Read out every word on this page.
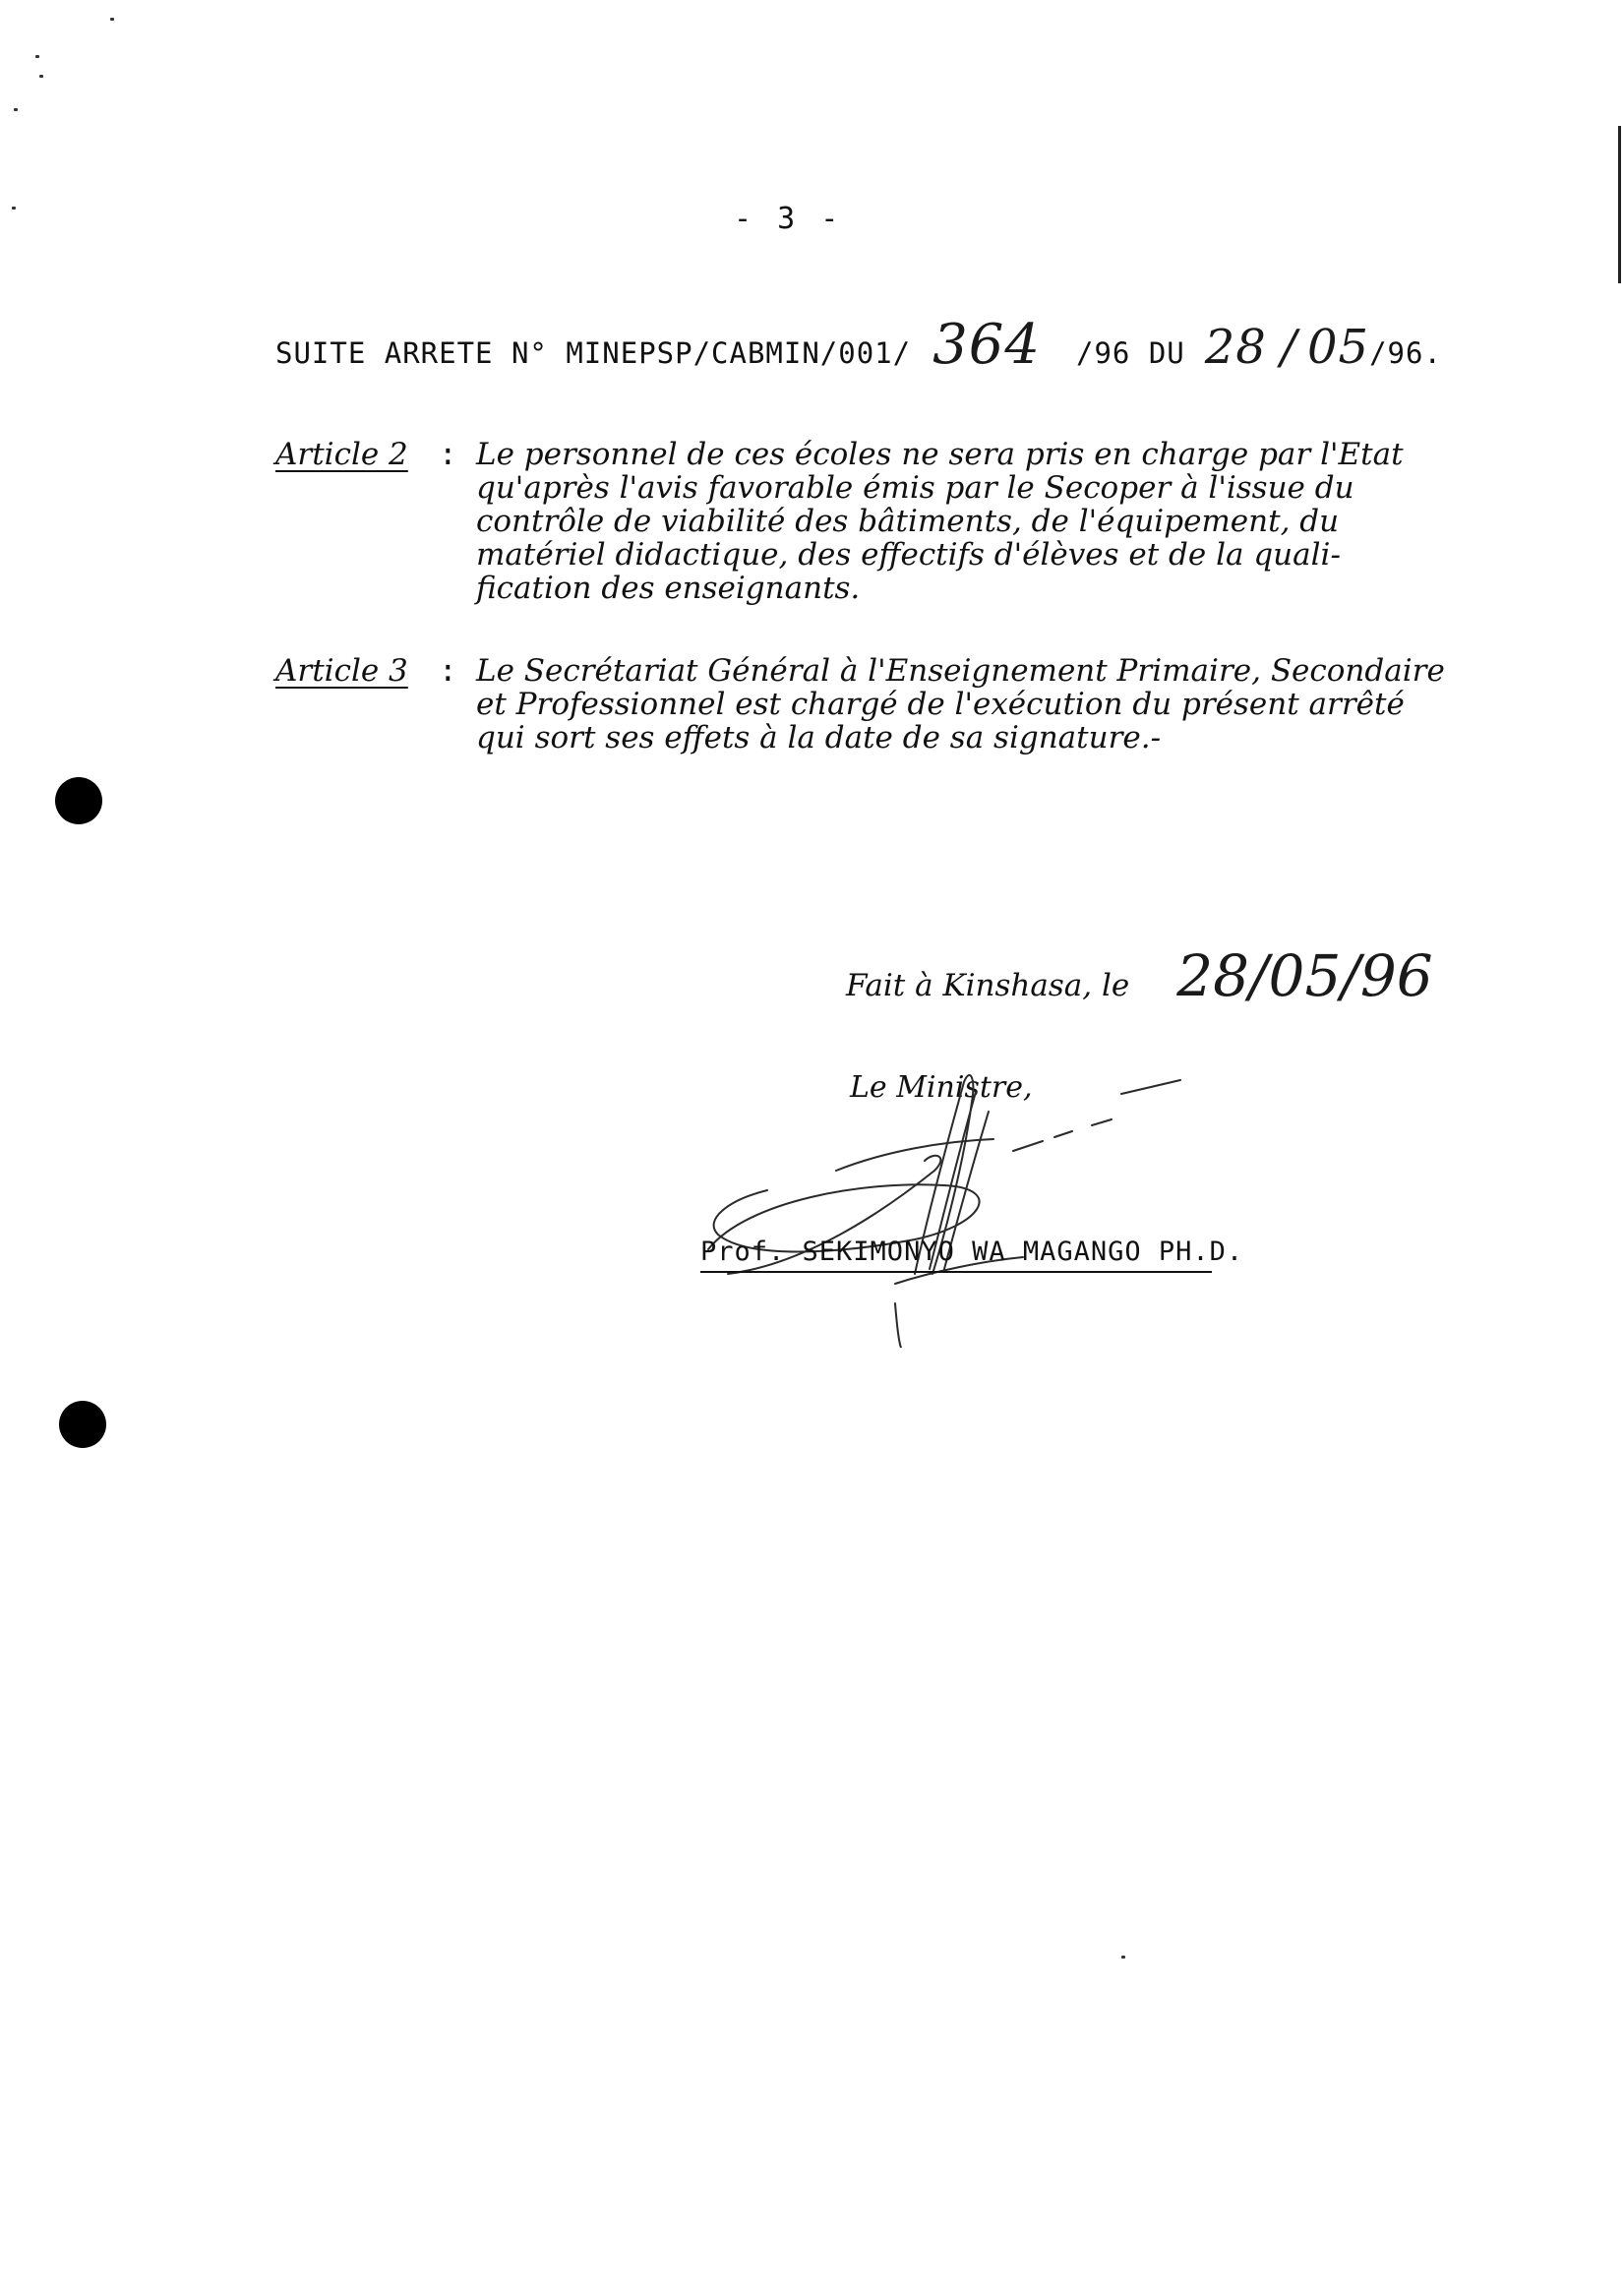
- 3 -
SUITE ARRETE N° MINEPSP/CABMIN/001/ 364 /96 DU 28 / 05 /96.
Article 2 : Le personnel de ces écoles ne sera pris en charge par l'Etat
qu'après l'avis favorable émis par le Secoper à l'issue du
contrôle de viabilité des bâtiments, de l'équipement, du
matériel didactique, des effectifs d'élèves et de la quali-
fication des enseignants.
Article 3 : Le Secrétariat Général à l'Enseignement Primaire, Secondaire
et Professionnel est chargé de l'exécution du présent arrêté
qui sort ses effets à la date de sa signature.-
Fait à Kinshasa, le 28/05/96
Le Ministre,
Prof. SEKIMONYO WA MAGANGO PH.D.
